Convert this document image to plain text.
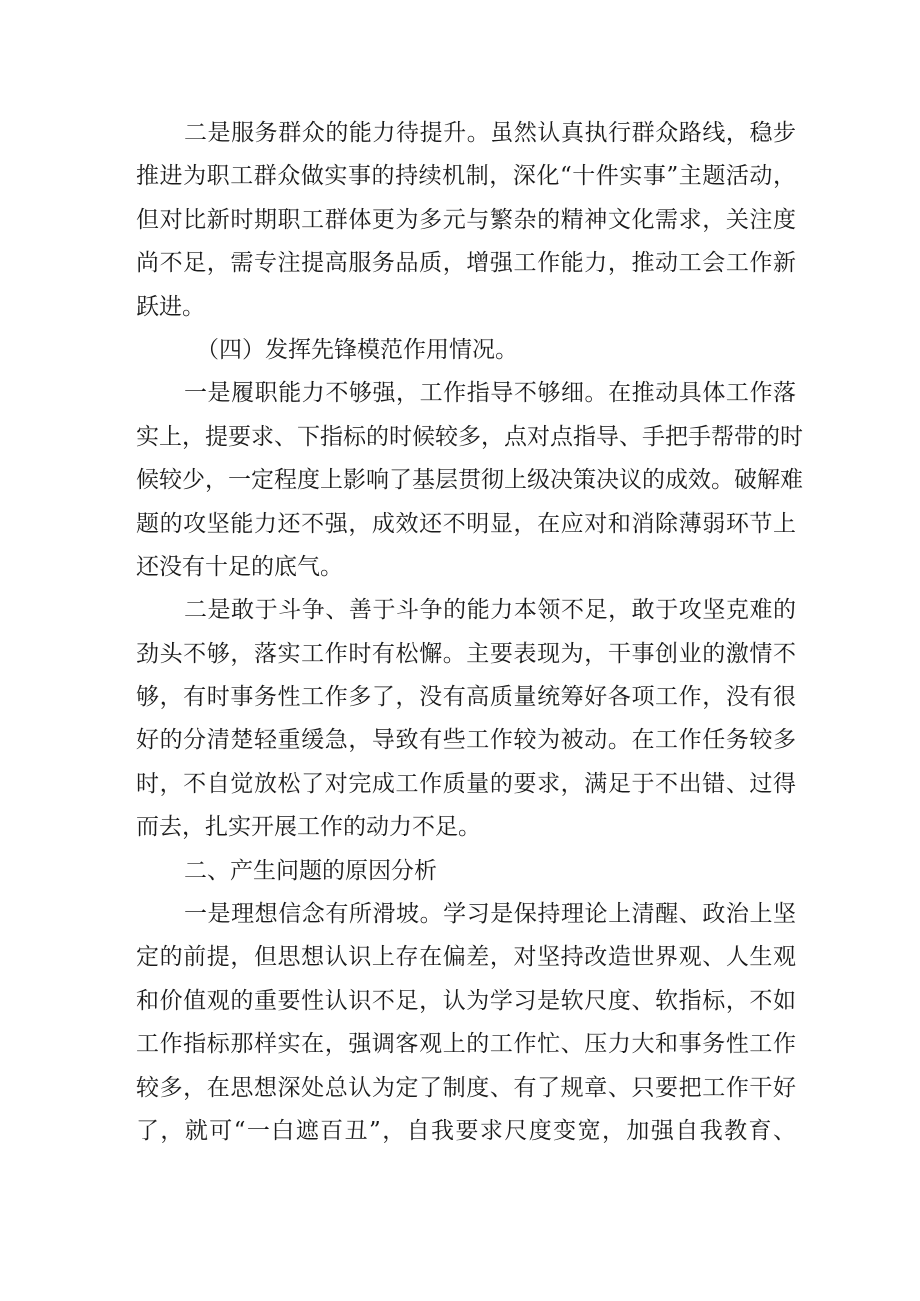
二是服务群众的能力待提升。虽然认真执行群众路线，稳步
推进为职工群众做实事的持续机制，深化“十件实事”主题活动，
但对比新时期职工群体更为多元与繁杂的精神文化需求，关注度
尚不足，需专注提高服务品质，增强工作能力，推动工会工作新
跃进。
（四）发挥先锋模范作用情况。
一是履职能力不够强，工作指导不够细。在推动具体工作落
实上，提要求、下指标的时候较多，点对点指导、手把手帮带的时
候较少，一定程度上影响了基层贯彻上级决策决议的成效。破解难
题的攻坚能力还不强，成效还不明显，在应对和消除薄弱环节上
还没有十足的底气。
二是敢于斗争、善于斗争的能力本领不足，敢于攻坚克难的
劲头不够，落实工作时有松懈。主要表现为，干事创业的激情不
够，有时事务性工作多了，没有高质量统筹好各项工作，没有很
好的分清楚轻重缓急，导致有些工作较为被动。在工作任务较多
时，不自觉放松了对完成工作质量的要求，满足于不出错、过得
而去，扎实开展工作的动力不足。
二、产生问题的原因分析
一是理想信念有所滑坡。学习是保持理论上清醒、政治上坚
定的前提，但思想认识上存在偏差，对坚持改造世界观、人生观
和价值观的重要性认识不足，认为学习是软尺度、软指标，不如
工作指标那样实在，强调客观上的工作忙、压力大和事务性工作
较多，在思想深处总认为定了制度、有了规章、只要把工作干好
了，就可“一白遮百丑”，自我要求尺度变宽，加强自我教育、
